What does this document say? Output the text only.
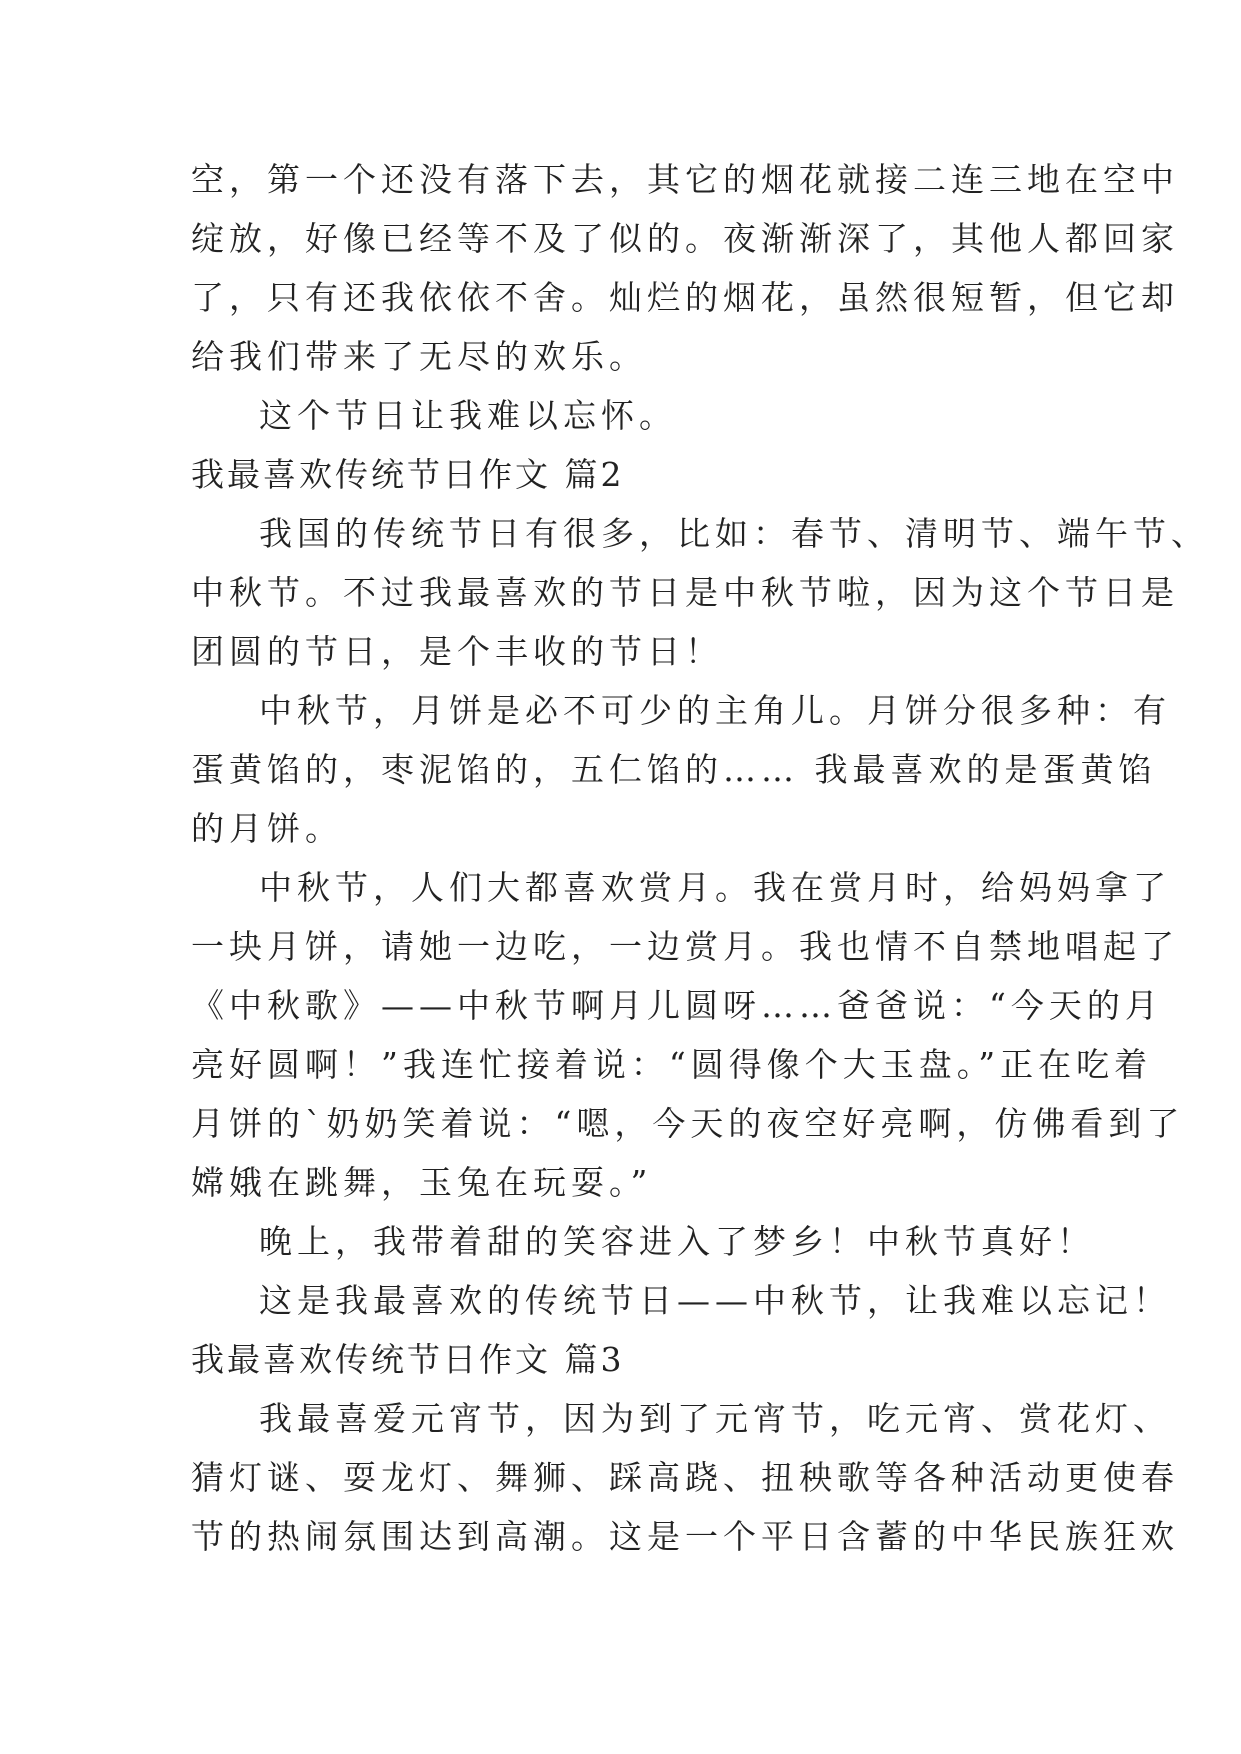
空，第一个还没有落下去，其它的烟花就接二连三地在空中
绽放，好像已经等不及了似的。夜渐渐深了，其他人都回家
了，只有还我依依不舍。灿烂的烟花，虽然很短暂，但它却
给我们带来了无尽的欢乐。
这个节日让我难以忘怀。
我最喜欢传统节日作文 篇2
我国的传统节日有很多，比如：春节、清明节、端午节、
中秋节。不过我最喜欢的节日是中秋节啦，因为这个节日是
团圆的节日，是个丰收的节日！
中秋节，月饼是必不可少的主角儿。月饼分很多种：有
蛋黄馅的，枣泥馅的，五仁馅的…… 我最喜欢的是蛋黄馅
的月饼。
中秋节，人们大都喜欢赏月。我在赏月时，给妈妈拿了
一块月饼，请她一边吃，一边赏月。我也情不自禁地唱起了
《中秋歌》——中秋节啊月儿圆呀……爸爸说：“今天的月
亮好圆啊！”我连忙接着说：“圆得像个大玉盘。”正在吃着
月饼的`奶奶笑着说：“嗯，今天的夜空好亮啊，仿佛看到了
嫦娥在跳舞，玉兔在玩耍。”
晚上，我带着甜的笑容进入了梦乡！中秋节真好！
这是我最喜欢的传统节日——中秋节，让我难以忘记！
我最喜欢传统节日作文 篇3
我最喜爱元宵节，因为到了元宵节，吃元宵、赏花灯、
猜灯谜、耍龙灯、舞狮、踩高跷、扭秧歌等各种活动更使春
节的热闹氛围达到高潮。这是一个平日含蓄的中华民族狂欢
